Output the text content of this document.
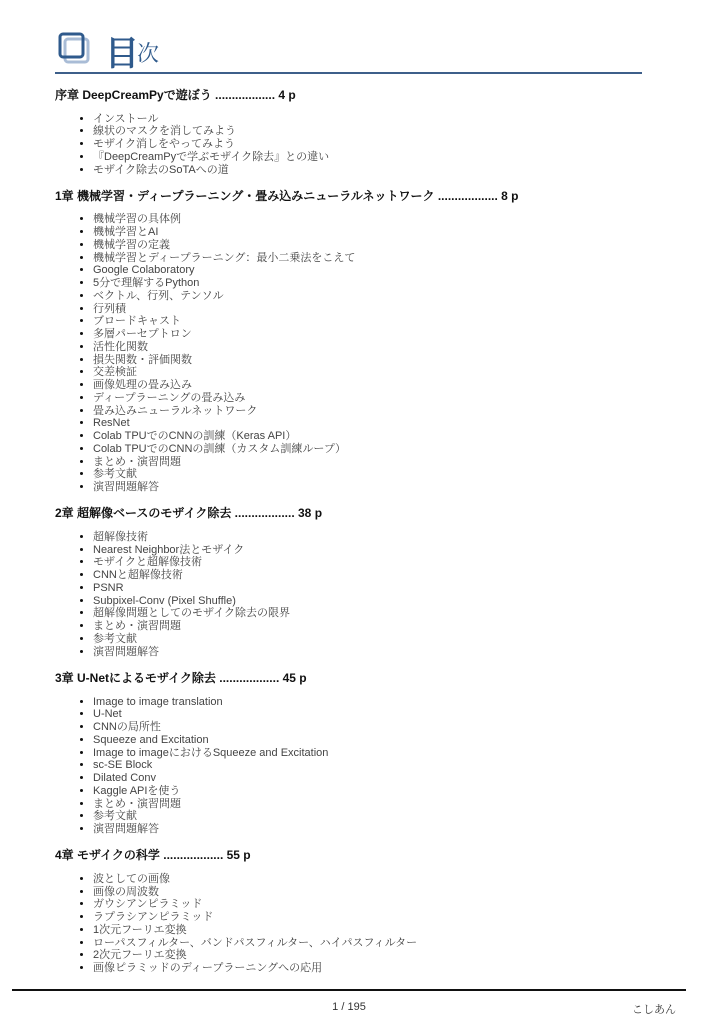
目
次
序章 DeepCreamPyで遊ぼう .................. 4 p
• インストール
• 線状のマスクを消してみよう
• モザイク消しをやってみよう
• 『DeepCreamPyで学ぶモザイク除去』との違い
• モザイク除去のSoTAへの道
1章 機械学習・ディープラーニング・畳み込みニューラルネットワーク .................. 8 p
• 機械学習の具体例
• 機械学習とAI
• 機械学習の定義
• 機械学習とディープラーニング：最小二乗法をこえて
• Google Colaboratory
• 5分で理解するPython
• ベクトル、行列、テンソル
• 行列積
• ブロードキャスト
• 多層パーセプトロン
• 活性化関数
• 損失関数・評価関数
• 交差検証
• 画像処理の畳み込み
• ディープラーニングの畳み込み
• 畳み込みニューラルネットワーク
• ResNet
• Colab TPUでのCNNの訓練（Keras API）
• Colab TPUでのCNNの訓練（カスタム訓練ループ）
• まとめ・演習問題
• 参考文献
• 演習問題解答
2章 超解像ベースのモザイク除去 .................. 38 p
• 超解像技術
• Nearest Neighbor法とモザイク
• モザイクと超解像技術
• CNNと超解像技術
• PSNR
• Subpixel-Conv (Pixel Shuffle)
• 超解像問題としてのモザイク除去の限界
• まとめ・演習問題
• 参考文献
• 演習問題解答
3章 U-Netによるモザイク除去 .................. 45 p
• Image to image translation
• U-Net
• CNNの局所性
• Squeeze and Excitation
• Image to imageにおけるSqueeze and Excitation
• sc-SE Block
• Dilated Conv
• Kaggle APIを使う
• まとめ・演習問題
• 参考文献
• 演習問題解答
4章 モザイクの科学 .................. 55 p
• 波としての画像
• 画像の周波数
• ガウシアンピラミッド
• ラプラシアンピラミッド
• 1次元フーリエ変換
• ローパスフィルター、バンドパスフィルター、ハイパスフィルター
• 2次元フーリエ変換
• 画像ピラミッドのディープラーニングへの応用
1 / 195	こしあん
